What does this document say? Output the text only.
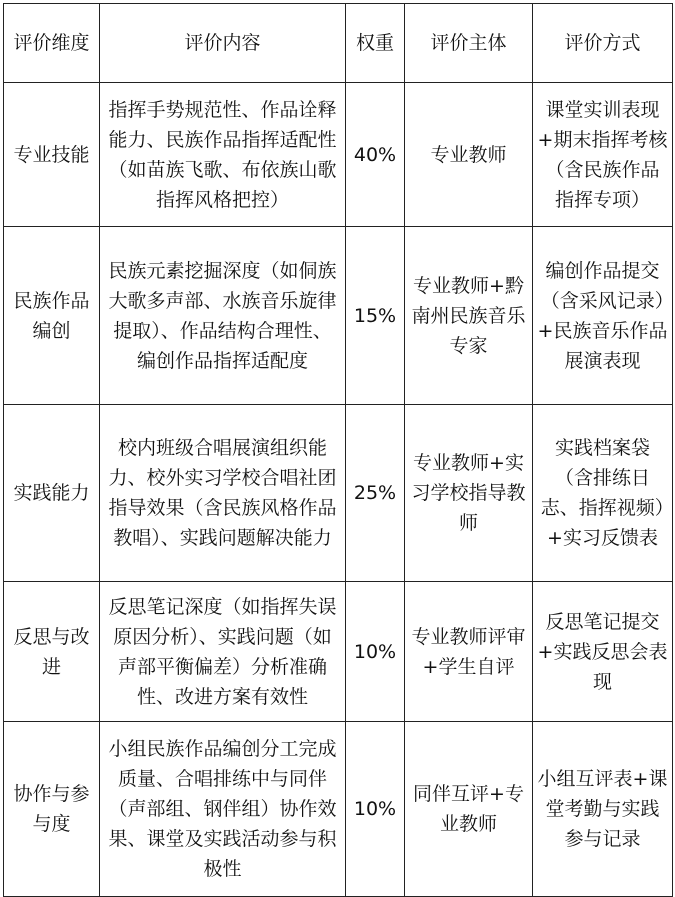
评价维度	评价内容	权重	评价主体	评价方式
专业技能	指挥手势规范性、作品诠释能力、民族作品指挥适配性（如苗族飞歌、布依族山歌指挥风格把控）	40%	专业教师	课堂实训表现+期末指挥考核（含民族作品指挥专项）
民族作品编创	民族元素挖掘深度（如侗族大歌多声部、水族音乐旋律提取）、作品结构合理性、编创作品指挥适配度	15%	专业教师+黔南州民族音乐专家	编创作品提交（含采风记录）+民族音乐作品展演表现
实践能力	校内班级合唱展演组织能力、校外实习学校合唱社团指导效果（含民族风格作品教唱）、实践问题解决能力	25%	专业教师+实习学校指导教师	实践档案袋（含排练日志、指挥视频）+实习反馈表
反思与改进	反思笔记深度（如指挥失误原因分析）、实践问题（如声部平衡偏差）分析准确性、改进方案有效性	10%	专业教师评审+学生自评	反思笔记提交+实践反思会表现
协作与参与度	小组民族作品编创分工完成质量、合唱排练中与同伴（声部组、钢伴组）协作效果、课堂及实践活动参与积极性	10%	同伴互评+专业教师	小组互评表+课堂考勤与实践参与记录
